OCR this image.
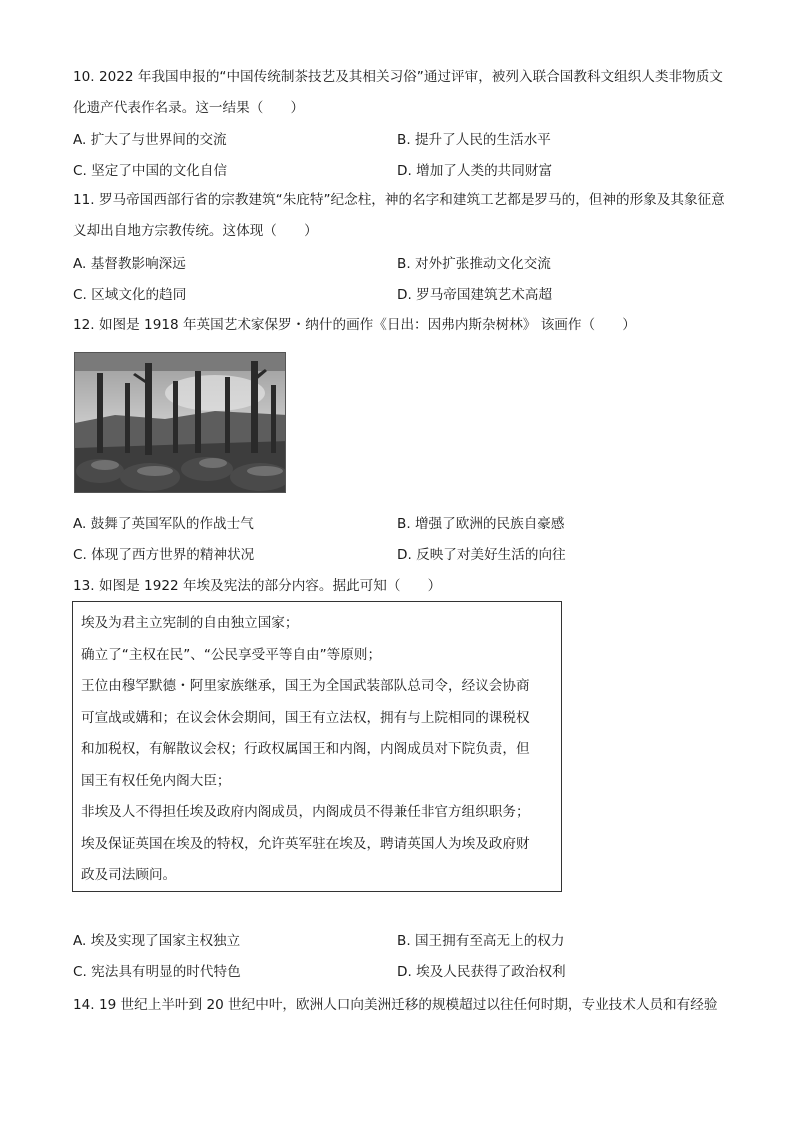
10. 2022 年我国申报的“中国传统制茶技艺及其相关习俗”通过评审，被列入联合国教科文组织人类非物质文化遗产代表作名录。这一结果（　　）
A. 扩大了与世界间的交流	B. 提升了人民的生活水平
C. 坚定了中国的文化自信	D. 增加了人类的共同财富
11. 罗马帝国西部行省的宗教建筑“朱庇特”纪念柱，神的名字和建筑工艺都是罗马的，但神的形象及其象征意义却出自地方宗教传统。这体现（　　）
A. 基督教影响深远	B. 对外扩张推动文化交流
C. 区域文化的趋同	D. 罗马帝国建筑艺术高超
12. 如图是 1918 年英国艺术家保罗・纳什的画作《日出：因弗内斯杂树林》 该画作（　　）
A. 鼓舞了英国军队的作战士气	B. 增强了欧洲的民族自豪感
C. 体现了西方世界的精神状况	D. 反映了对美好生活的向往
13. 如图是 1922 年埃及宪法的部分内容。据此可知（　　）

埃及为君主立宪制的自由独立国家；

确立了“主权在民”、“公民享受平等自由”等原则；

王位由穆罕默德・阿里家族继承，国王为全国武装部队总司令，经议会协商

可宣战或媾和；在议会休会期间，国王有立法权，拥有与上院相同的课税权

和加税权，有解散议会权；行政权属国王和内阁，内阁成员对下院负责，但

国王有权任免内阁大臣；

非埃及人不得担任埃及政府内阁成员，内阁成员不得兼任非官方组织职务；

埃及保证英国在埃及的特权，允许英军驻在埃及，聘请英国人为埃及政府财

政及司法顾问。

A. 埃及实现了国家主权独立	B. 国王拥有至高无上的权力
C. 宪法具有明显的时代特色	D. 埃及人民获得了政治权利
14. 19 世纪上半叶到 20 世纪中叶，欧洲人口向美洲迁移的规模超过以往任何时期，专业技术人员和有经验
